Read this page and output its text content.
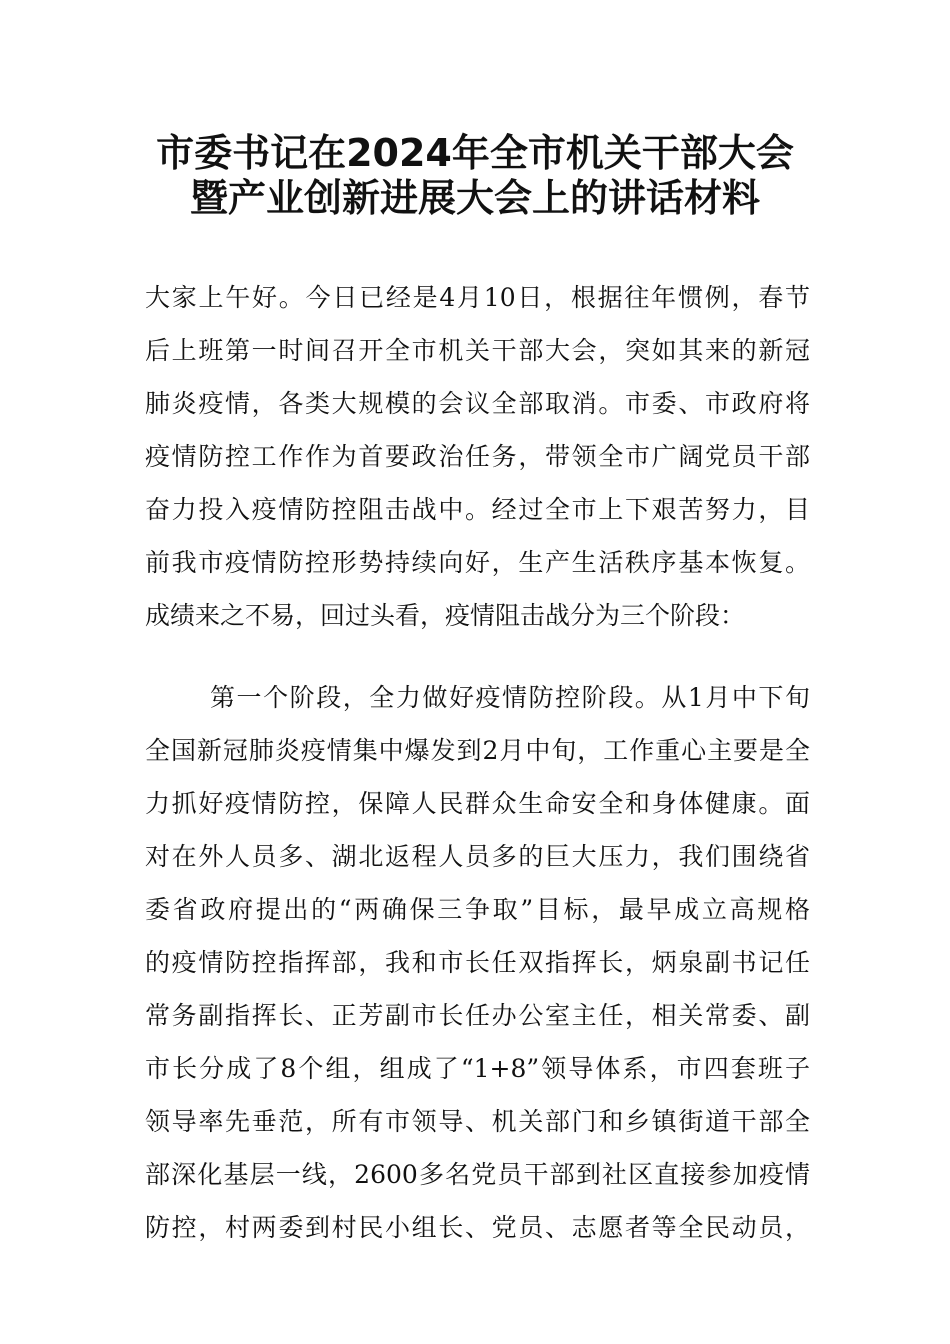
市委书记在2024年全市机关干部大会
暨产业创新进展大会上的讲话材料
大家上午好。今日已经是4月10日，根据往年惯例，春节
后上班第一时间召开全市机关干部大会，突如其来的新冠
肺炎疫情，各类大规模的会议全部取消。市委、市政府将
疫情防控工作作为首要政治任务，带领全市广阔党员干部
奋力投入疫情防控阻击战中。经过全市上下艰苦努力，目
前我市疫情防控形势持续向好，生产生活秩序基本恢复。
成绩来之不易，回过头看，疫情阻击战分为三个阶段：
第一个阶段，全力做好疫情防控阶段。从1月中下旬
全国新冠肺炎疫情集中爆发到2月中旬，工作重心主要是全
力抓好疫情防控，保障人民群众生命安全和身体健康。面
对在外人员多、湖北返程人员多的巨大压力，我们围绕省
委省政府提出的“两确保三争取”目标，最早成立高规格
的疫情防控指挥部，我和市长任双指挥长，炳泉副书记任
常务副指挥长、正芳副市长任办公室主任，相关常委、副
市长分成了8个组，组成了“1+8”领导体系，市四套班子
领导率先垂范，所有市领导、机关部门和乡镇街道干部全
部深化基层一线，2600多名党员干部到社区直接参加疫情
防控，村两委到村民小组长、党员、志愿者等全民动员，
